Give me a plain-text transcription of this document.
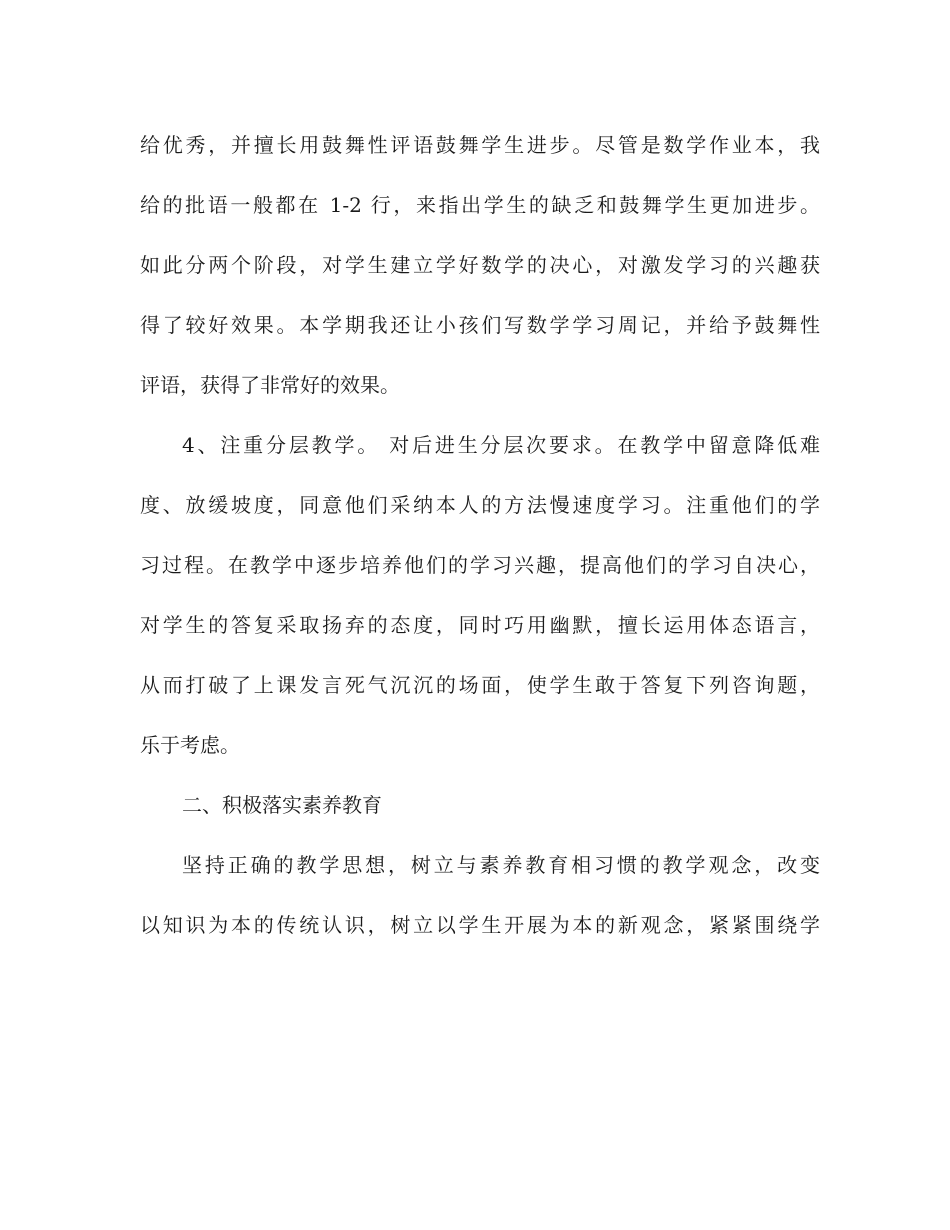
给优秀，并擅长用鼓舞性评语鼓舞学生进步。尽管是数学作业本，我
给的批语一般都在 1-2 行，来指出学生的缺乏和鼓舞学生更加进步。
如此分两个阶段，对学生建立学好数学的决心，对激发学习的兴趣获
得了较好效果。本学期我还让小孩们写数学学习周记，并给予鼓舞性
评语，获得了非常好的效果。
4、注重分层教学。 对后进生分层次要求。在教学中留意降低难
度、放缓坡度，同意他们采纳本人的方法慢速度学习。注重他们的学
习过程。在教学中逐步培养他们的学习兴趣，提高他们的学习自决心，
对学生的答复采取扬弃的态度，同时巧用幽默，擅长运用体态语言，
从而打破了上课发言死气沉沉的场面，使学生敢于答复下列咨询题，
乐于考虑。
二、积极落实素养教育
坚持正确的教学思想，树立与素养教育相习惯的教学观念，改变
以知识为本的传统认识，树立以学生开展为本的新观念，紧紧围绕学
